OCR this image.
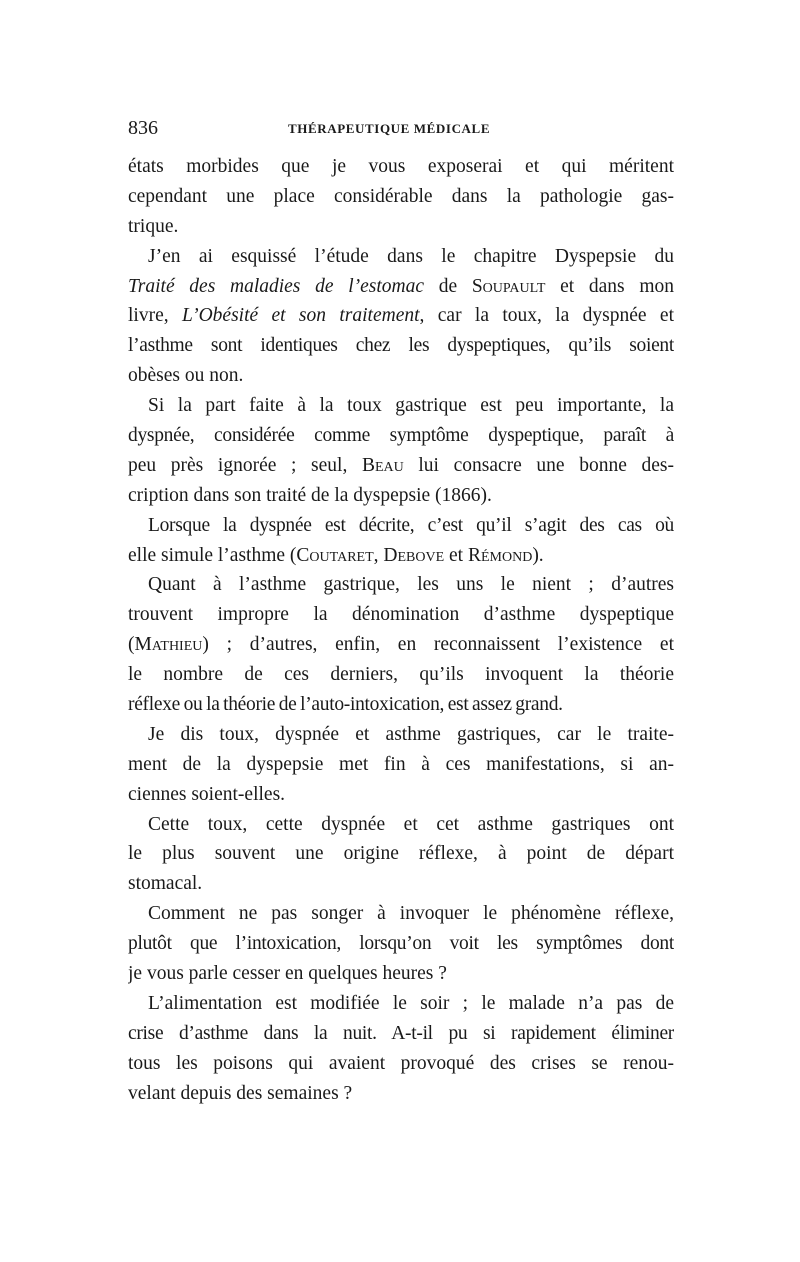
836	THÉRAPEUTIQUE MÉDICALE
états morbides que je vous exposerai et qui méritent
cependant une place considérable dans la pathologie gas-
trique.
J’en ai esquissé l’étude dans le chapitre Dyspepsie du
Traité des maladies de l’estomac de Soupault et dans mon
livre, L’Obésité et son traitement, car la toux, la dyspnée et
l’asthme sont identiques chez les dyspeptiques, qu’ils soient
obèses ou non.
Si la part faite à la toux gastrique est peu importante, la
dyspnée, considérée comme symptôme dyspeptique, paraît à
peu près ignorée ; seul, Beau lui consacre une bonne des-
cription dans son traité de la dyspepsie (1866).
Lorsque la dyspnée est décrite, c’est qu’il s’agit des cas où
elle simule l’asthme (Coutaret, Debove et Rémond).
Quant à l’asthme gastrique, les uns le nient ; d’autres
trouvent impropre la dénomination d’asthme dyspeptique
(Mathieu) ; d’autres, enfin, en reconnaissent l’existence et
le nombre de ces derniers, qu’ils invoquent la théorie
réflexe ou la théorie de l’auto-intoxication, est assez grand.
Je dis toux, dyspnée et asthme gastriques, car le traite-
ment de la dyspepsie met fin à ces manifestations, si an-
ciennes soient-elles.
Cette toux, cette dyspnée et cet asthme gastriques ont
le plus souvent une origine réflexe, à point de départ
stomacal.
Comment ne pas songer à invoquer le phénomène réflexe,
plutôt que l’intoxication, lorsqu’on voit les symptômes dont
je vous parle cesser en quelques heures ?
L’alimentation est modifiée le soir ; le malade n’a pas de
crise d’asthme dans la nuit. A-t-il pu si rapidement éliminer
tous les poisons qui avaient provoqué des crises se renou-
velant depuis des semaines ?
